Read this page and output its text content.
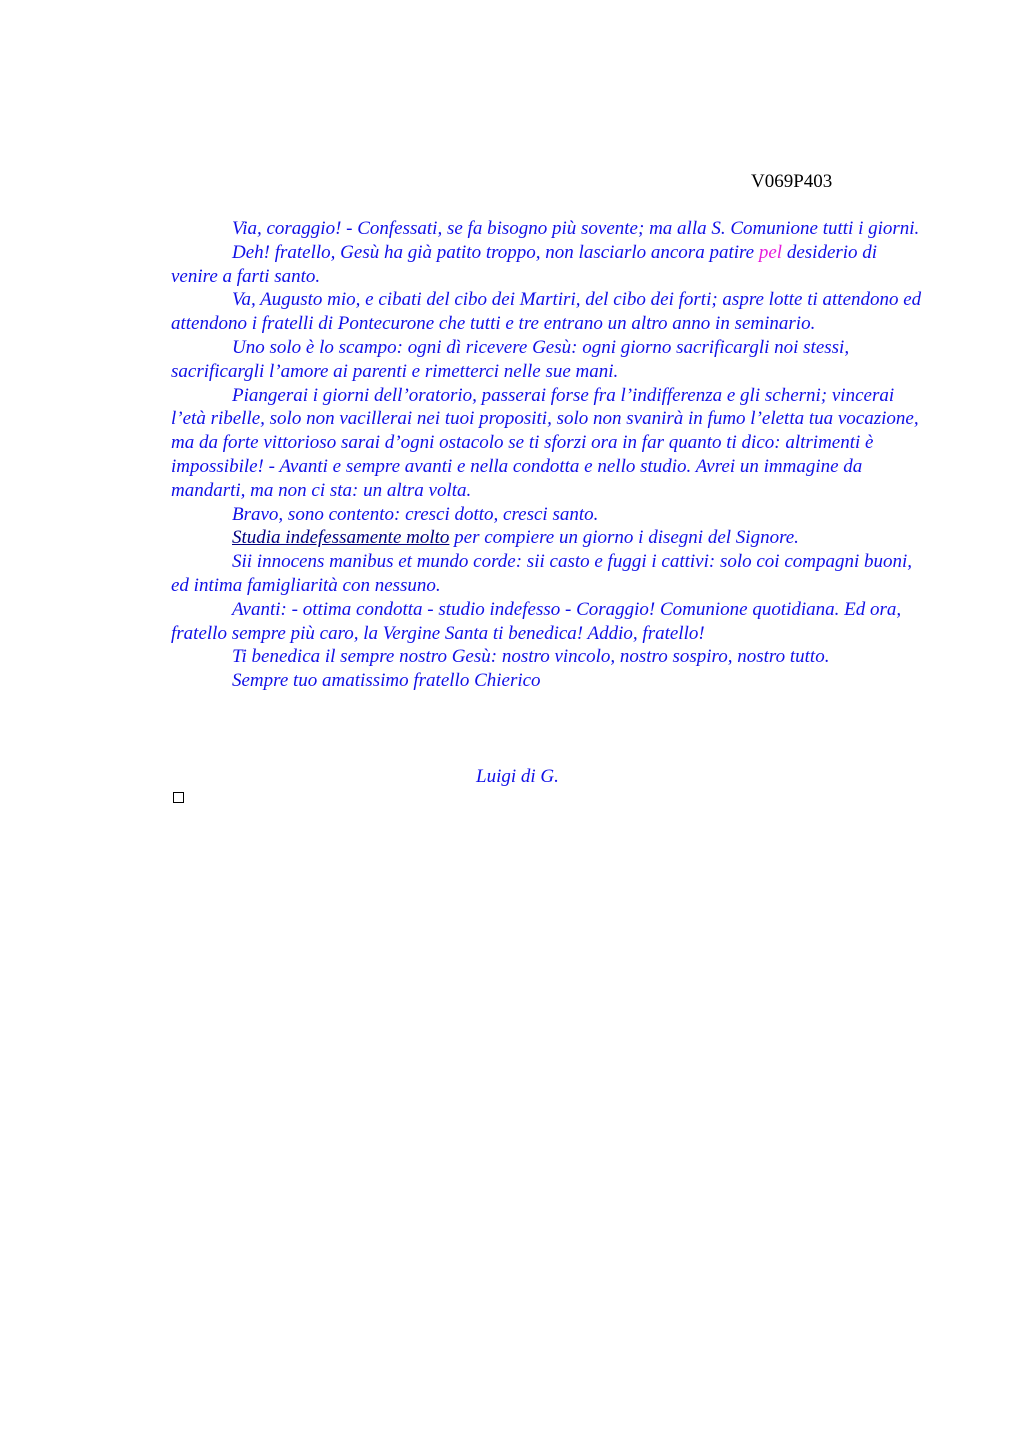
V069P403

Via, coraggio! - Confessati, se fa bisogno più sovente; ma alla S. Comunione tutti i giorni.

Deh! fratello, Gesù ha già patito troppo, non lasciarlo ancora patire pel desiderio di venire a farti santo.

Va, Augusto mio, e cibati del cibo dei Martiri, del cibo dei forti; aspre lotte ti attendono ed attendono i fratelli di Pontecurone che tutti e tre entrano un altro anno in seminario.

Uno solo è lo scampo: ogni dì ricevere Gesù: ogni giorno sacrificargli noi stessi, sacrificargli l’amore ai parenti e rimetterci nelle sue mani.

Piangerai i giorni dell’oratorio, passerai forse fra l’indifferenza e gli scherni; vincerai l’età ribelle, solo non vacillerai nei tuoi propositi, solo non svanirà in fumo l’eletta tua vocazione, ma da forte vittorioso sarai d’ogni ostacolo se ti sforzi ora in far quanto ti dico: altrimenti è impossibile! - Avanti e sempre avanti e nella condotta e nello studio. Avrei un immagine da mandarti, ma non ci sta: un altra volta.

Bravo, sono contento: cresci dotto, cresci santo.

Studia indefessamente molto per compiere un giorno i disegni del Signore.

Sii innocens manibus et mundo corde: sii casto e fuggi i cattivi: solo coi compagni buoni, ed intima famigliarità con nessuno.

Avanti: - ottima condotta - studio indefesso - Coraggio! Comunione quotidiana. Ed ora, fratello sempre più caro, la Vergine Santa ti benedica! Addio, fratello!

Ti benedica il sempre nostro Gesù: nostro vincolo, nostro sospiro, nostro tutto.

Sempre tuo amatissimo fratello Chierico

Luigi di G.
